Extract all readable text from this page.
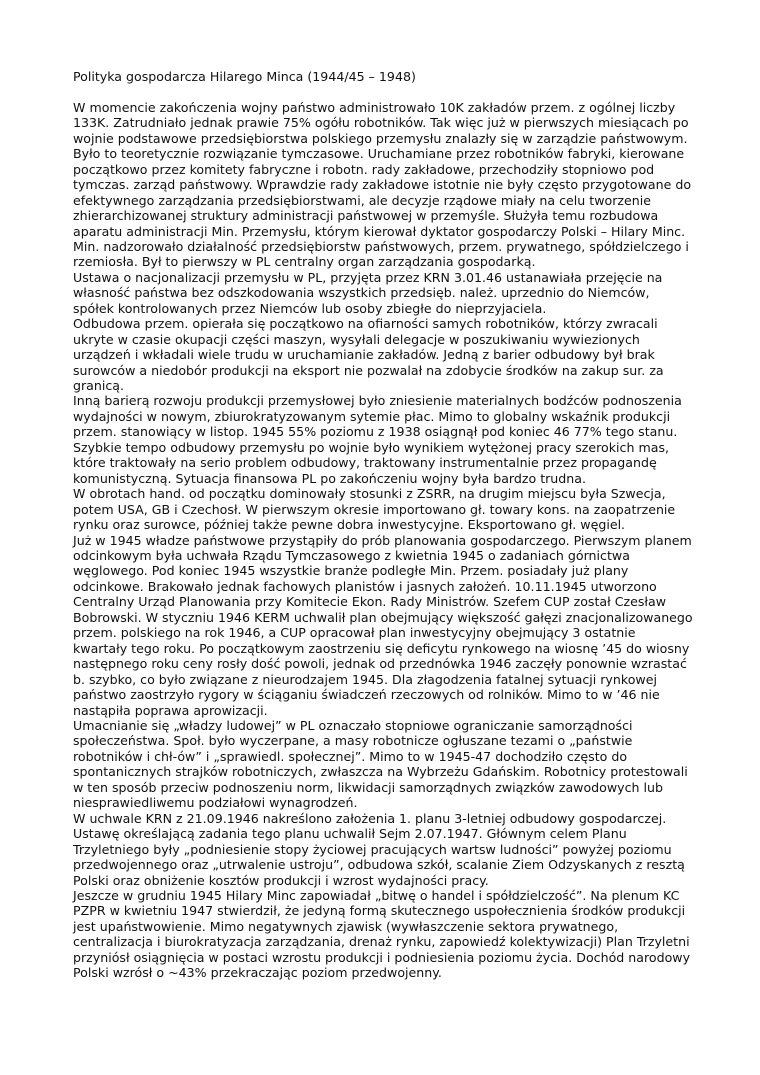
Polityka gospodarcza Hilarego Minca (1944/45 – 1948)

W momencie zakończenia wojny państwo administrowało 10K zakładów przem. z ogólnej liczby 133K. Zatrudniało jednak prawie 75% ogółu robotników. Tak więc już w pierwszych miesiącach po wojnie podstawowe przedsiębiorstwa polskiego przemysłu znalazły się w zarządzie państwowym. Było to teoretycznie rozwiązanie tymczasowe. Uruchamiane przez robotników fabryki, kierowane początkowo przez komitety fabryczne i robotn. rady zakładowe, przechodziły stopniowo pod tymczas. zarząd państwowy. Wprawdzie rady zakładowe istotnie nie były często przygotowane do efektywnego zarządzania przedsiębiorstwami, ale decyzje rządowe miały na celu tworzenie zhierarchizowanej struktury administracji państwowej w przemyśle. Służyła temu rozbudowa aparatu administracji Min. Przemysłu, którym kierował dyktator gospodarczy Polski – Hilary Minc. Min. nadzorowało działalność przedsiębiorstw państwowych, przem. prywatnego, spółdzielczego i rzemiosła. Był to pierwszy w PL centralny organ zarządzania gospodarką.

Ustawa o nacjonalizacji przemysłu w PL, przyjęta przez KRN 3.01.46 ustanawiała przejęcie na własność państwa bez odszkodowania wszystkich przedsięb. należ. uprzednio do Niemców, spółek kontrolowanych przez Niemców lub osoby zbiegłe do nieprzyjaciela.

Odbudowa przem. opierała się początkowo na ofiarności samych robotników, którzy zwracali ukryte w czasie okupacji części maszyn, wysyłali delegacje w poszukiwaniu wywiezionych urządzeń i wkładali wiele trudu w uruchamianie zakładów. Jedną z barier odbudowy był brak surowców a niedobór produkcji na eksport nie pozwalał na zdobycie środków na zakup sur. za granicą.

Inną barierą rozwoju produkcji przemysłowej było zniesienie materialnych bodźców podnoszenia wydajności w nowym, zbiurokratyzowanym sytemie płac. Mimo to globalny wskaźnik produkcji przem. stanowiący w listop. 1945 55% poziomu z 1938 osiągnął pod koniec 46 77% tego stanu.

Szybkie tempo odbudowy przemysłu po wojnie było wynikiem wytężonej pracy szerokich mas, które traktowały na serio problem odbudowy, traktowany instrumentalnie przez propagandę komunistyczną. Sytuacja finansowa PL po zakończeniu wojny była bardzo trudna.

W obrotach hand. od początku dominowały stosunki z ZSRR, na drugim miejscu była Szwecja, potem USA, GB i Czechosł. W pierwszym okresie importowano gł. towary kons. na zaopatrzenie rynku oraz surowce, później także pewne dobra inwestycyjne. Eksportowano gł. węgiel.

Już w 1945 władze państwowe przystąpiły do prób planowania gospodarczego. Pierwszym planem odcinkowym była uchwała Rządu Tymczasowego z kwietnia 1945 o zadaniach górnictwa węglowego. Pod koniec 1945 wszystkie branże podległe Min. Przem. posiadały już plany odcinkowe. Brakowało jednak fachowych planistów i jasnych założeń. 10.11.1945 utworzono Centralny Urząd Planowania przy Komitecie Ekon. Rady Ministrów. Szefem CUP został Czesław Bobrowski. W styczniu 1946 KERM uchwalił plan obejmujący większość gałęzi znacjonalizowanego przem. polskiego na rok 1946, a CUP opracował plan inwestycyjny obejmujący 3 ostatnie kwartały tego roku. Po początkowym zaostrzeniu się deficytu rynkowego na wiosnę ’45 do wiosny następnego roku ceny rosły dość powoli, jednak od przednówka 1946 zaczęły ponownie wzrastać b. szybko, co było związane z nieurodzajem 1945. Dla złagodzenia fatalnej sytuacji rynkowej państwo zaostrzyło rygory w ściąganiu świadczeń rzeczowych od rolników. Mimo to w ’46 nie nastąpiła poprawa aprowizacji.

Umacnianie się „władzy ludowej” w PL oznaczało stopniowe ograniczanie samorządności społeczeństwa. Społ. było wyczerpane, a masy robotnicze ogłuszane tezami o „państwie robotników i chł-ów” i „sprawiedl. społecznej”. Mimo to w 1945-47 dochodziło często do spontanicznych strajków robotniczych, zwłaszcza na Wybrzeżu Gdańskim. Robotnicy protestowali w ten sposób przeciw podnoszeniu norm, likwidacji samorządnych związków zawodowych lub niesprawiedliwemu podziałowi wynagrodzeń.

W uchwale KRN z 21.09.1946 nakreślono założenia 1. planu 3-letniej odbudowy gospodarczej. Ustawę określającą zadania tego planu uchwalił Sejm 2.07.1947. Głównym celem Planu Trzyletniego były „podniesienie stopy życiowej pracujących wartsw ludności” powyżej poziomu przedwojennego oraz „utrwalenie ustroju”, odbudowa szkół, scalanie Ziem Odzyskanych z resztą Polski oraz obniżenie kosztów produkcji i wzrost wydajności pracy.

Jeszcze w grudniu 1945 Hilary Minc zapowiadał „bitwę o handel i spółdzielczość”. Na plenum KC PZPR w kwietniu 1947 stwierdził, że jedyną formą skutecznego uspołecznienia środków produkcji jest upaństwowienie. Mimo negatywnych zjawisk (wywłaszczenie sektora prywatnego, centralizacja i biurokratyzacja zarządzania, drenaż rynku, zapowiedź kolektywizacji) Plan Trzyletni przyniósł osiągnięcia w postaci wzrostu produkcji i podniesienia poziomu życia. Dochód narodowy Polski wzrósł o ~43% przekraczając poziom przedwojenny.
